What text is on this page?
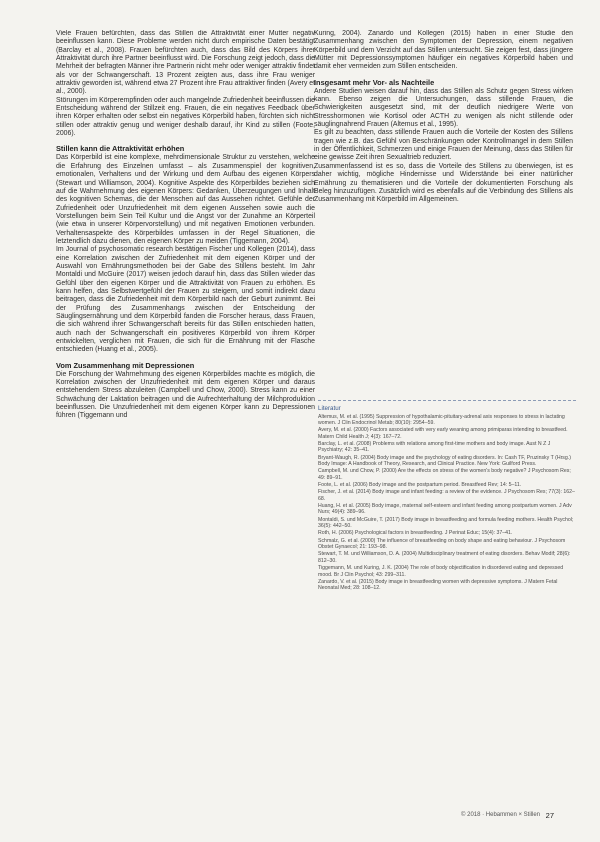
Viele Frauen befürchten, dass das Stillen die Attraktivität einer Mutter negativ beeinflussen kann. Diese Probleme werden nicht durch empirische Daten bestätigt (Barclay et al., 2008). Frauen befürchten auch, dass das Bild des Körpers ihrer Attraktivität durch ihre Partner beeinflusst wird. Die Forschung zeigt jedoch, dass die Mehrheit der befragten Männer ihre Partnerin nicht mehr oder weniger attraktiv findet als vor der Schwangerschaft. 13 Prozent zeigten aus, dass ihre Frau weniger attraktiv geworden ist, während etwa 27 Prozent ihre Frau attraktiver finden (Avery et al., 2000).

Störungen im Körperempfinden oder auch mangelnde Zufriedenheit beeinflussen die Entscheidung während der Stillzeit eng. Frauen, die ein negatives Feedback über ihren Körper erhalten oder selbst ein negatives Körperbild haben, fürchten sich nicht stillen oder attraktiv genug und weniger deshalb darauf, ihr Kind zu stillen (Foote, 2006).

Stillen kann die Attraktivität erhöhen

Das Körperbild ist eine komplexe, mehrdimensionale Struktur zu verstehen, welche die Erfahrung des Einzelnen umfasst – als Zusammenspiel der kognitiven, emotionalen, Verhaltens und der Wirkung und dem Aufbau des eigenen Körpers (Stewart und Williamson, 2004). Kognitive Aspekte des Körperbildes beziehen sich auf die Wahrnehmung des eigenen Körpers: Gedanken, Überzeugungen und Inhalt des kognitiven Schemas, die der Menschen auf das Aussehen richtet. Gefühle der Zufriedenheit oder Unzufriedenheit mit dem eigenen Aussehen sowie auch die Vorstellungen beim Sein Teil Kultur und die Angst vor der Zunahme an Körperteil (wie etwa in unserer Körpervorstellung) und mit negativen Emotionen verbunden. Verhaltensaspekte des Körperbildes umfassen in der Regel Situationen, die letztendlich dazu dienen, den eigenen Körper zu meiden (Tiggemann, 2004).

Im Journal of psychosomatic research bestätigen Fischer und Kollegen (2014), dass eine Korrelation zwischen der Zufriedenheit mit dem eigenen Körper und der Auswahl von Ernährungsmethoden bei der Gabe des Stillens besteht. Im Jahr Montaldi und McGuire (2017) weisen jedoch darauf hin, dass das Stillen wieder das Gefühl über den eigenen Körper und die Attraktivität von Frauen zu erhöhen. Es kann helfen, das Selbstwertgefühl der Frauen zu steigern, und somit indirekt dazu beitragen, dass die Zufriedenheit mit dem Körperbild nach der Geburt zunimmt. Bei der Prüfung des Zusammenhangs zwischen der Entscheidung der Säuglingsernährung und dem Körperbild fanden die Forscher heraus, dass Frauen, die sich während ihrer Schwangerschaft bereits für das Stillen entschieden hatten, auch nach der Schwangerschaft ein positiveres Körperbild von ihrem Körper entwickelten, verglichen mit Frauen, die sich für die Ernährung mit der Flasche entschieden (Huang et al., 2005).

Vom Zusammenhang mit Depressionen

Die Forschung der Wahrnehmung des eigenen Körperbildes machte es möglich, die Korrelation zwischen der Unzufriedenheit mit dem eigenen Körper und daraus entstehendem Stress abzuleiten (Campbell und Chow, 2000). Stress kann zu einer Schwächung der Laktation beitragen und die Aufrechterhaltung der Milchproduktion beeinflussen. Die Unzufriedenheit mit dem eigenen Körper kann zu Depressionen führen (Tiggemann und

Kuring, 2004). Zanardo und Kollegen (2015) haben in einer Studie den Zusammenhang zwischen den Symptomen der Depression, einem negativen Körperbild und dem Verzicht auf das Stillen untersucht. Sie zeigen fest, dass jüngere Mütter mit Depressionssymptomen häufiger ein negatives Körperbild haben und damit eher vermeiden zum Stillen entscheiden.

Insgesamt mehr Vor- als Nachteile

Andere Studien weisen darauf hin, dass das Stillen als Schutz gegen Stress wirken kann. Ebenso zeigen die Untersuchungen, dass stillende Frauen, die Schwierigkeiten ausgesetzt sind, mit der deutlich niedrigere Werte von Stresshormonen wie Kortisol oder ACTH zu wenigen als nicht stillende oder säuglingnahrend Frauen (Altemus et al., 1995).

Es gilt zu beachten, dass stillende Frauen auch die Vorteile der Kosten des Stillens tragen wie z.B. das Gefühl von Beschränkungen oder Kontrollmangel in dem Stillen in der Öffentlichkeit, Schmerzen und einige Frauen der Meinung, dass das Stillen für eine gewisse Zeit ihren Sexualtrieb reduziert.

Zusammenfassend ist es so, dass die Vorteile des Stillens zu überwiegen, ist es daher wichtig, mögliche Hindernisse und Widerstände bei einer natürlicher Ernährung zu thematisieren und die Vorteile der dokumentierten Forschung als Beleg hinzuzufügen. Zusätzlich wird es ebenfalls auf die Verbindung des Stillens als Zusammenhang mit Körperbild im Allgemeinen.

Literatur

Altemus, M. et al. (1995) Suppression of hypothalamic-pituitary-adrenal axis responses to stress in lactating women. J Clin Endocrinol Metab; 80(10): 2954–59.

Avery, M. et al. (2000) Factors associated with very early weaning among primiparas intending to breastfeed. Matern Child Health J; 4(3): 167–72.

Barclay, L. et al. (2008) Problems with relations among first-time mothers and body image. Aust N Z J Psychiatry; 42: 35–41.

Bryant-Waugh, R. (2004) Body image and the psychology of eating disorders. In: Cash TF, Pruzinsky T (Hrsg.) Body Image: A Handbook of Theory, Research, and Clinical Practice. New York: Guilford Press.

Campbell, M. und Chow, P. (2000) Are the effects on stress of the women's body negative? J Psychosom Res; 49: 89–91.

Foote, L. et al. (2006) Body image and the postpartum period. Breastfeed Rev; 14: 5–11.

Fischer, J. et al. (2014) Body image and infant feeding: a review of the evidence. J Psychosom Res; 77(3): 162–68.

Huang, H. et al. (2005) Body image, maternal self-esteem and infant feeding among postpartum women. J Adv Nurs; 49(4): 389–96.

Montaldi, S. und McGuire, T. (2017) Body image in breastfeeding and formula feeding mothers. Health Psychol; 36(5): 442–50.

Roth, H. (2006) Psychological factors in breastfeeding. J Perinat Educ; 15(4): 37–41.

Schmalz, G. et al. (2000) The influence of breastfeeding on body shape and eating behaviour. J Psychosom Obstet Gynaecol; 21: 193–98.

Stewart, T. M. und Williamson, D. A. (2004) Multidisciplinary treatment of eating disorders. Behav Modif; 28(6): 812–30.

Tiggemann, M. und Kuring, J. K. (2004) The role of body objectification in disordered eating and depressed mood. Br J Clin Psychol; 43: 299–311.

Zanardo, V. et al. (2015) Body image in breastfeeding women with depressive symptoms. J Matern Fetal Neonatal Med; 28: 108–12.

© 2018 · Hebammen × Stillen 27
